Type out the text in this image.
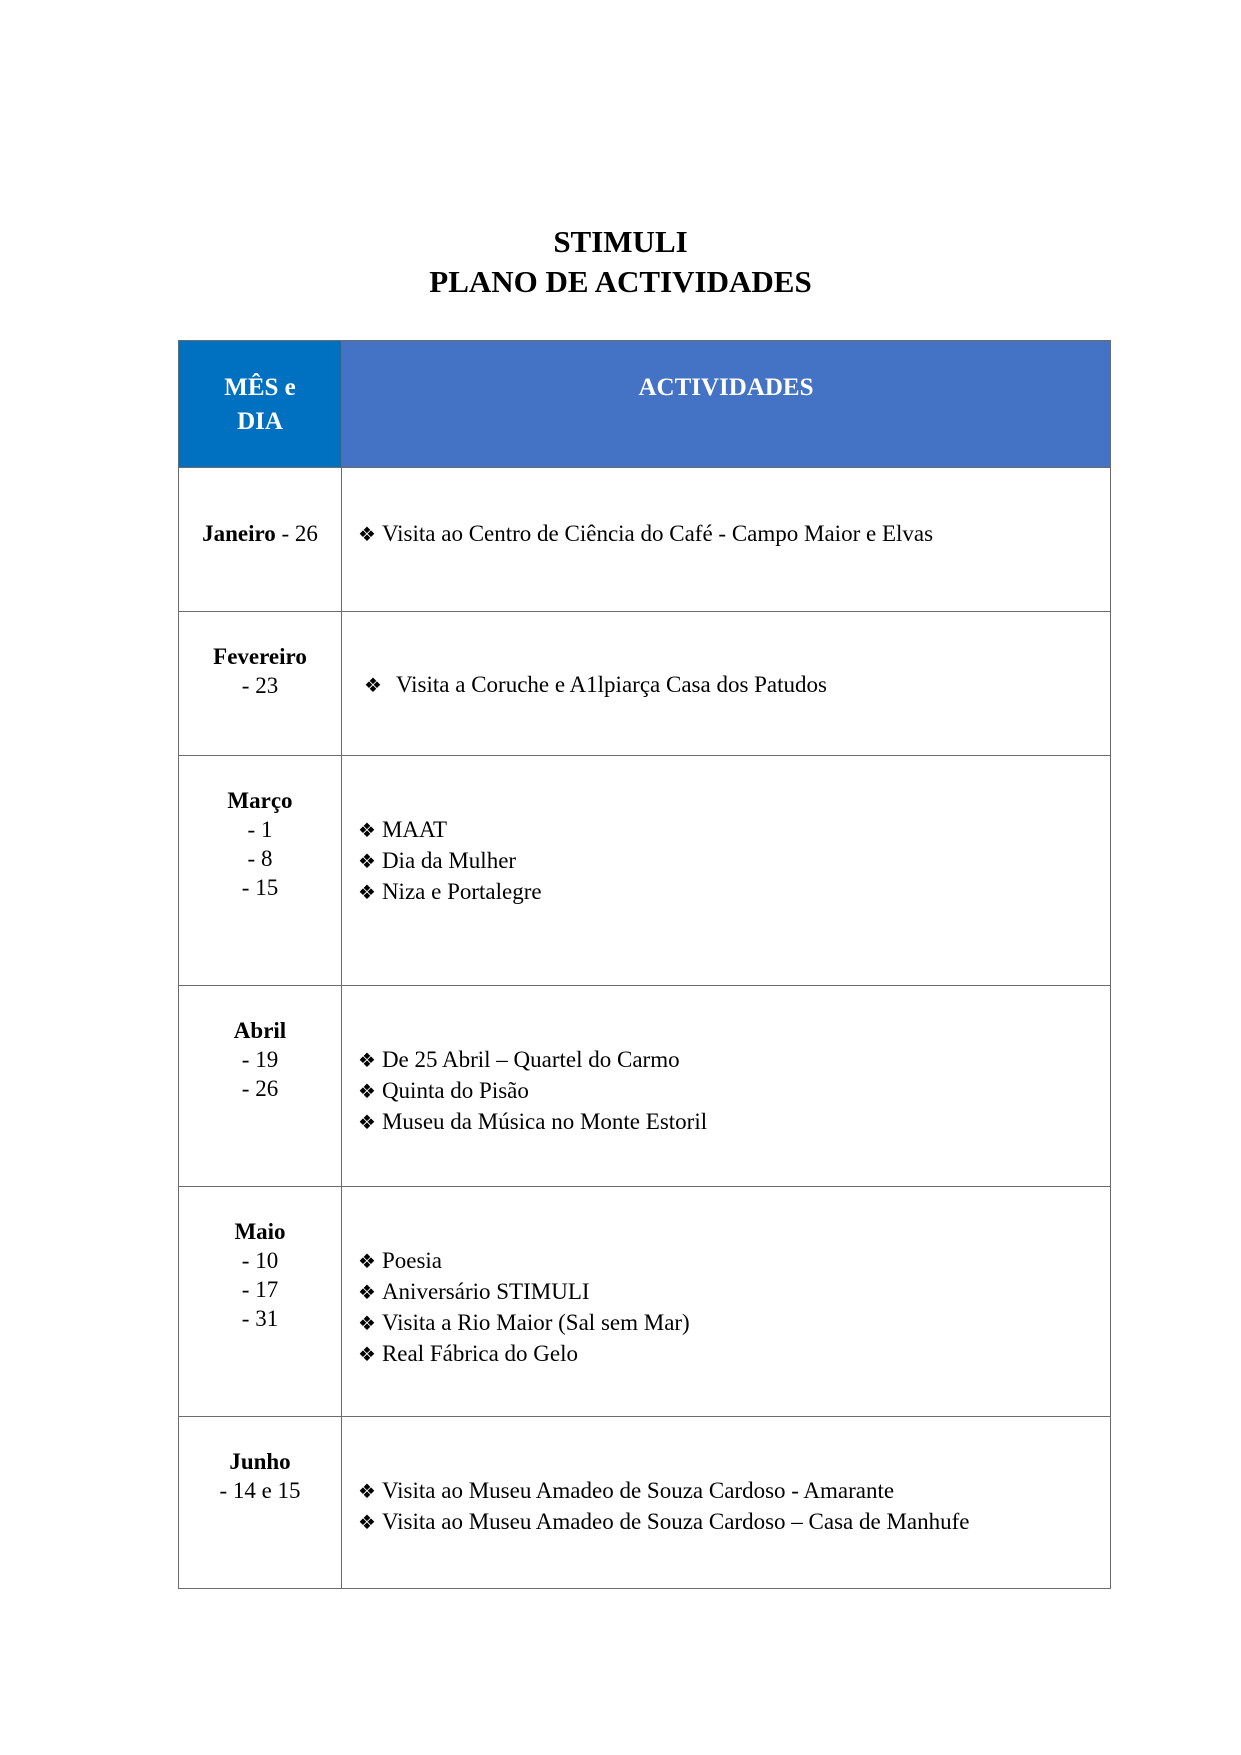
STIMULI
PLANO DE ACTIVIDADES
MÊS e
DIA	ACTIVIDADES
Janeiro - 26	❖ Visita ao Centro de Ciência do Café - Campo Maior e Elvas

Fevereiro
- 23	❖ Visita a Coruche e A1lpiarça Casa dos Patudos

Março
- 1
- 8
- 15	❖ MAAT
❖ Dia da Mulher
❖ Niza e Portalegre

Abril
- 19
- 26	❖ De 25 Abril – Quartel do Carmo
❖ Quinta do Pisão
❖ Museu da Música no Monte Estoril

Maio
- 10
- 17
- 31	❖ Poesia
❖ Aniversário STIMULI
❖ Visita a Rio Maior (Sal sem Mar)
❖ Real Fábrica do Gelo

Junho
- 14 e 15	❖ Visita ao Museu Amadeo de Souza Cardoso - Amarante
❖ Visita ao Museu Amadeo de Souza Cardoso – Casa de Manhufe
